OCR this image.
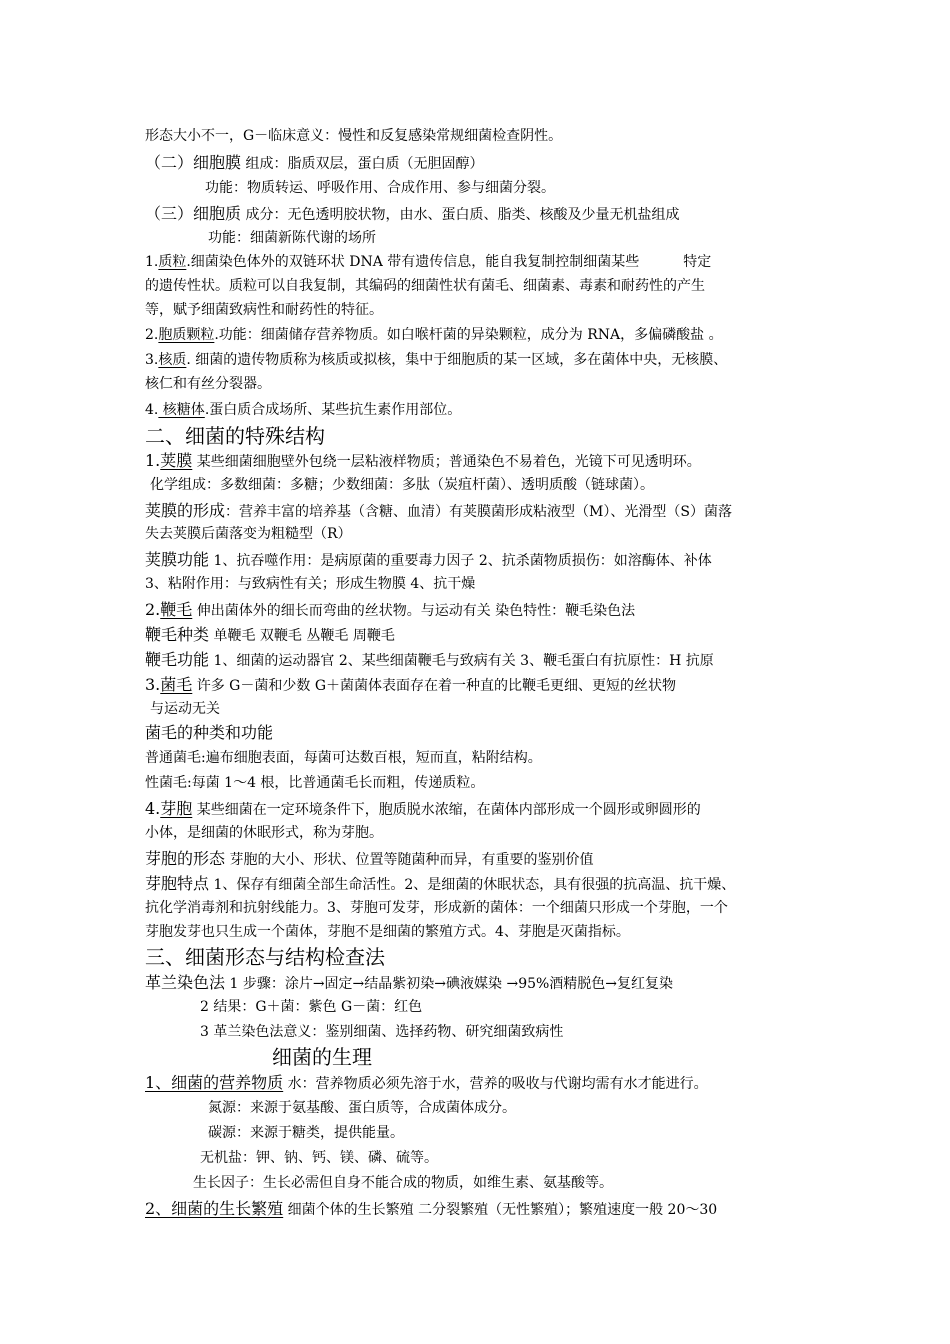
形态大小不一，G－临床意义：慢性和反复感染常规细菌检查阴性。
（二）细胞膜 组成：脂质双层，蛋白质（无胆固醇）
功能：物质转运、呼吸作用、合成作用、参与细菌分裂。
（三）细胞质 成分：无色透明胶状物，由水、蛋白质、脂类、核酸及少量无机盐组成
功能：细菌新陈代谢的场所
1.质粒.细菌染色体外的双链环状 DNA 带有遗传信息，能自我复制控制细菌某些	特定
的遗传性状。质粒可以自我复制，其编码的细菌性状有菌毛、细菌素、毒素和耐药性的产生
等，赋予细菌致病性和耐药性的特征。
2.胞质颗粒.功能：细菌储存营养物质。如白喉杆菌的异染颗粒，成分为 RNA，多偏磷酸盐 。
3.核质. 细菌的遗传物质称为核质或拟核，集中于细胞质的某一区域，多在菌体中央，无核膜、
核仁和有丝分裂器。
4. 核糖体.蛋白质合成场所、某些抗生素作用部位。
二、细菌的特殊结构
1.荚膜 某些细菌细胞壁外包绕一层粘液样物质；普通染色不易着色，光镜下可见透明环。
化学组成：多数细菌：多糖；少数细菌：多肽（炭疽杆菌）、透明质酸（链球菌）。
荚膜的形成：营养丰富的培养基（含糖、血清）有荚膜菌形成粘液型（M）、光滑型（S）菌落
失去荚膜后菌落变为粗糙型（R）
荚膜功能 1、抗吞噬作用：是病原菌的重要毒力因子 2、抗杀菌物质损伤：如溶酶体、补体
3、粘附作用：与致病性有关；形成生物膜 4、抗干燥
2.鞭毛 伸出菌体外的细长而弯曲的丝状物。与运动有关 染色特性：鞭毛染色法
鞭毛种类 单鞭毛 双鞭毛 丛鞭毛 周鞭毛
鞭毛功能 1、细菌的运动器官 2、某些细菌鞭毛与致病有关 3、鞭毛蛋白有抗原性：H 抗原
3.菌毛 许多 G－菌和少数 G＋菌菌体表面存在着一种直的比鞭毛更细、更短的丝状物
与运动无关
菌毛的种类和功能
普通菌毛:遍布细胞表面，每菌可达数百根，短而直，粘附结构。
性菌毛:每菌 1～4 根，比普通菌毛长而粗，传递质粒。
4.芽胞 某些细菌在一定环境条件下，胞质脱水浓缩，在菌体内部形成一个圆形或卵圆形的
小体，是细菌的休眠形式，称为芽胞。
芽胞的形态 芽胞的大小、形状、位置等随菌种而异，有重要的鉴别价值
芽胞特点 1、保存有细菌全部生命活性。2、是细菌的休眠状态，具有很强的抗高温、抗干燥、
抗化学消毒剂和抗射线能力。3、芽胞可发芽，形成新的菌体：一个细菌只形成一个芽胞，一个
芽胞发芽也只生成一个菌体，芽胞不是细菌的繁殖方式。4、芽胞是灭菌指标。
三、细菌形态与结构检查法
革兰染色法 1 步骤：涂片→固定→结晶紫初染→碘液媒染 →95%酒精脱色→复红复染
2 结果：G＋菌：紫色 G－菌：红色
3 革兰染色法意义：鉴别细菌、选择药物、研究细菌致病性
细菌的生理
1、细菌的营养物质 水：营养物质必须先溶于水，营养的吸收与代谢均需有水才能进行。
氮源：来源于氨基酸、蛋白质等，合成菌体成分。
碳源：来源于糖类，提供能量。
无机盐：钾、钠、钙、镁、磷、硫等。
生长因子：生长必需但自身不能合成的物质，如维生素、氨基酸等。
2、细菌的生长繁殖 细菌个体的生长繁殖 二分裂繁殖（无性繁殖）；繁殖速度一般 20～30
